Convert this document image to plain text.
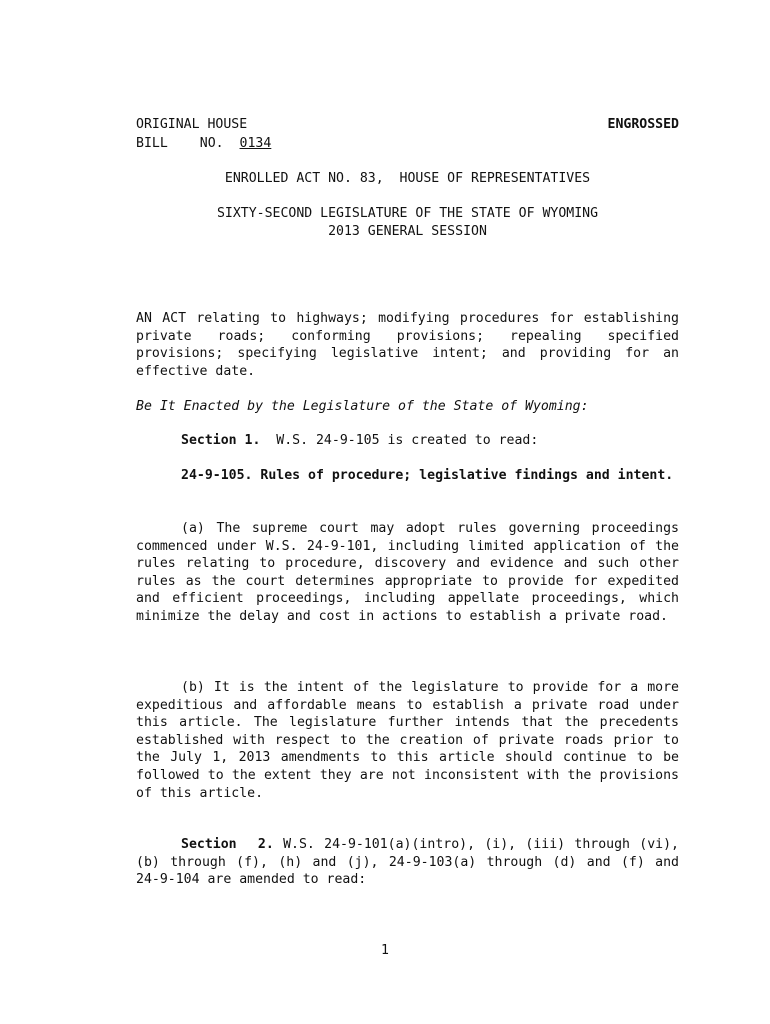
ORIGINAL HOUSE	ENGROSSED
BILL NO. 0134
ENROLLED ACT NO. 83,  HOUSE OF REPRESENTATIVES
SIXTY-SECOND LEGISLATURE OF THE STATE OF WYOMING
2013 GENERAL SESSION
AN ACT relating to highways; modifying procedures for establishing private roads; conforming provisions; repealing specified provisions; specifying legislative intent; and providing for an effective date.
Be It Enacted by the Legislature of the State of Wyoming:
Section 1. W.S. 24-9-105 is created to read:
24-9-105. Rules of procedure; legislative findings and intent.
(a) The supreme court may adopt rules governing proceedings commenced under W.S. 24-9-101, including limited application of the rules relating to procedure, discovery and evidence and such other rules as the court determines appropriate to provide for expedited and efficient proceedings, including appellate proceedings, which minimize the delay and cost in actions to establish a private road.
(b) It is the intent of the legislature to provide for a more expeditious and affordable means to establish a private road under this article. The legislature further intends that the precedents established with respect to the creation of private roads prior to the July 1, 2013 amendments to this article should continue to be followed to the extent they are not inconsistent with the provisions of this article.
Section 2. W.S. 24-9-101(a)(intro), (i), (iii) through (vi), (b) through (f), (h) and (j), 24-9-103(a) through (d) and (f) and 24-9-104 are amended to read:
1
